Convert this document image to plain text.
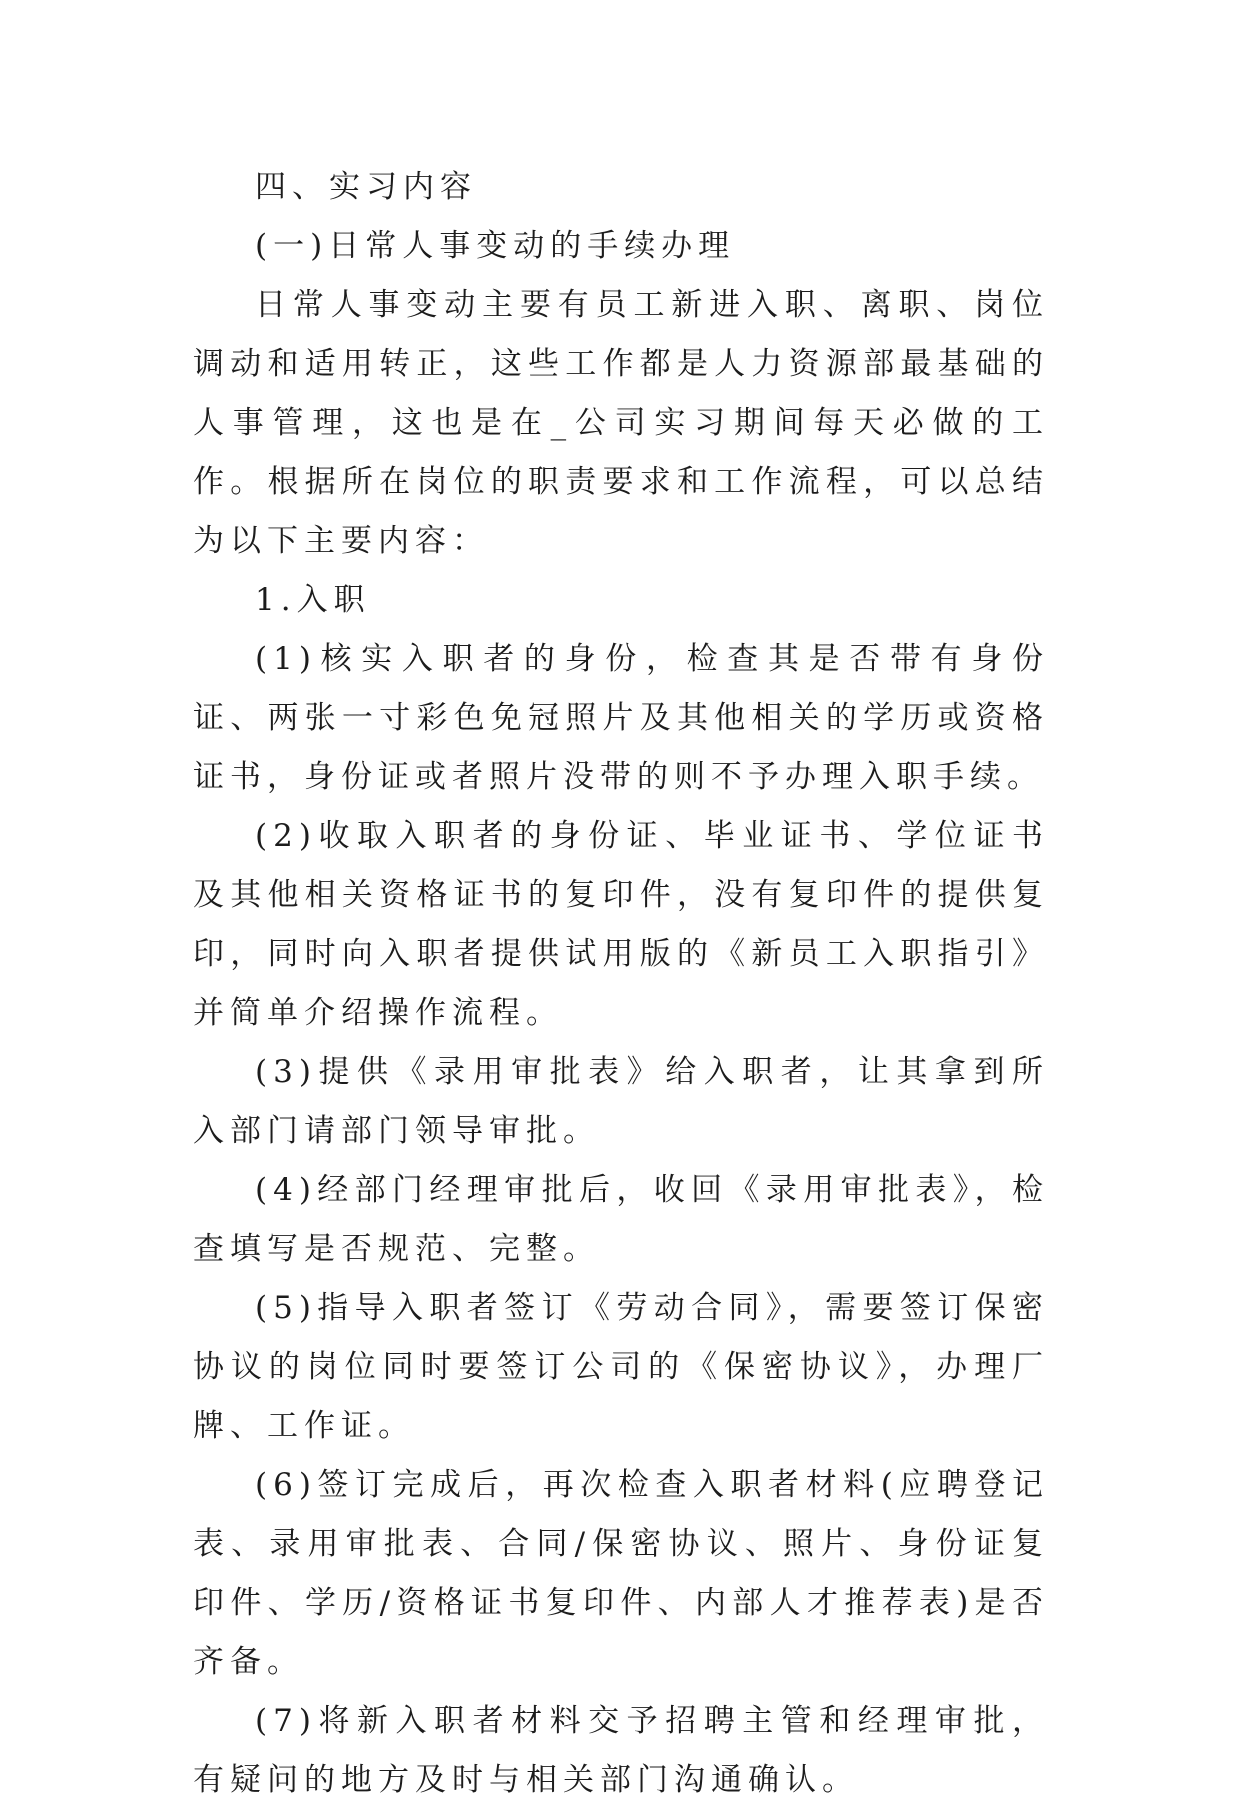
四、实习内容

(一)日常人事变动的手续办理

日常人事变动主要有员工新进入职、离职、岗位调动和适用转正，这些工作都是人力资源部最基础的人事管理，这也是在_公司实习期间每天必做的工作。根据所在岗位的职责要求和工作流程，可以总结为以下主要内容：

1.入职

(1)核实入职者的身份，检查其是否带有身份证、两张一寸彩色免冠照片及其他相关的学历或资格证书，身份证或者照片没带的则不予办理入职手续。

(2)收取入职者的身份证、毕业证书、学位证书及其他相关资格证书的复印件，没有复印件的提供复印，同时向入职者提供试用版的《新员工入职指引》并简单介绍操作流程。

(3)提供《录用审批表》给入职者，让其拿到所入部门请部门领导审批。

(4)经部门经理审批后，收回《录用审批表》，检查填写是否规范、完整。

(5)指导入职者签订《劳动合同》，需要签订保密协议的岗位同时要签订公司的《保密协议》，办理厂牌、工作证。

(6)签订完成后，再次检查入职者材料(应聘登记表、录用审批表、合同/保密协议、照片、身份证复印件、学历/资格证书复印件、内部人才推荐表)是否齐备。

(7)将新入职者材料交予招聘主管和经理审批，有疑问的地方及时与相关部门沟通确认。
